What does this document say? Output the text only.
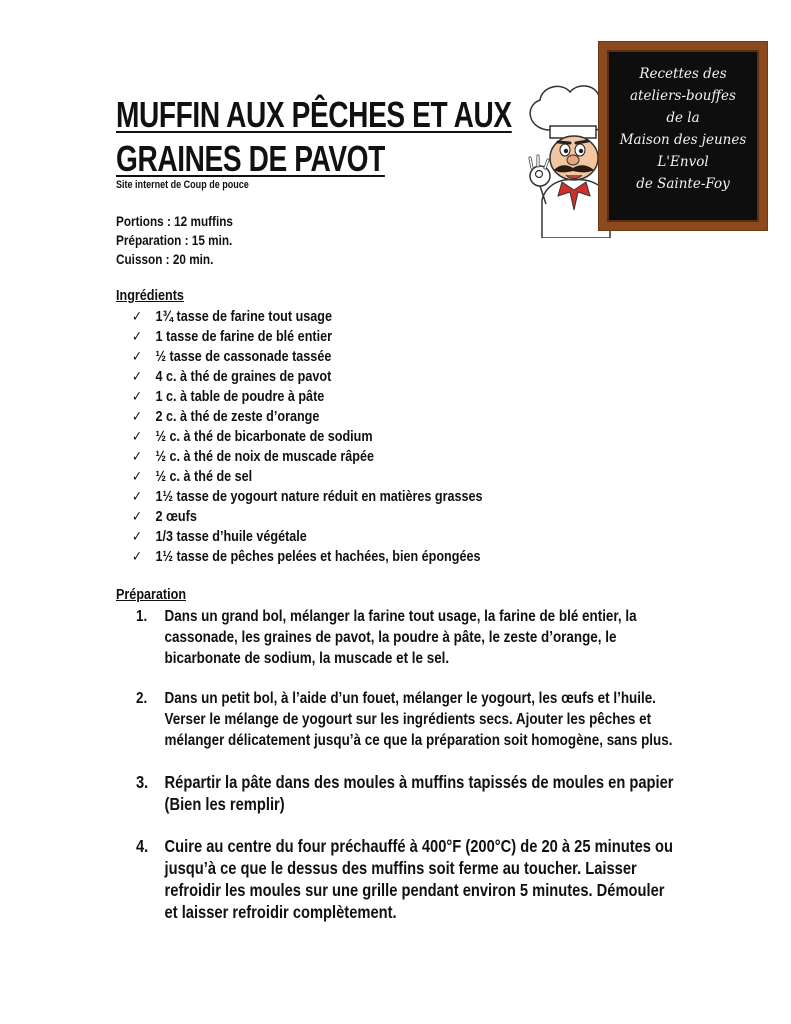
MUFFIN AUX PÊCHES ET AUX
GRAINES DE PAVOT
Site internet de Coup de pouce
Portions : 12 muffins
Préparation : 15 min.
Cuisson : 20 min.
Recettes des
ateliers-bouffes
de la
Maison des jeunes
L'Envol
de Sainte-Foy
Ingrédients
✓ 1¾ tasse de farine tout usage
✓ 1 tasse de farine de blé entier
✓ ½ tasse de cassonade tassée
✓ 4 c. à thé de graines de pavot
✓ 1 c. à table de poudre à pâte
✓ 2 c. à thé de zeste d’orange
✓ ½ c. à thé de bicarbonate de sodium
✓ ½ c. à thé de noix de muscade râpée
✓ ½ c. à thé de sel
✓ 1½ tasse de yogourt nature réduit en matières grasses
✓ 2 œufs
✓ 1/3 tasse d’huile végétale
✓ 1½ tasse de pêches pelées et hachées, bien épongées
Préparation
1. Dans un grand bol, mélanger la farine tout usage, la farine de blé entier, la cassonade, les graines de pavot, la poudre à pâte, le zeste d’orange, le bicarbonate de sodium, la muscade et le sel.
2. Dans un petit bol, à l’aide d’un fouet, mélanger le yogourt, les œufs et l’huile. Verser le mélange de yogourt sur les ingrédients secs. Ajouter les pêches et mélanger délicatement jusqu’à ce que la préparation soit homogène, sans plus.
3. Répartir la pâte dans des moules à muffins tapissés de moules en papier (Bien les remplir)
4. Cuire au centre du four préchauffé à 400°F (200°C) de 20 à 25 minutes ou jusqu’à ce que le dessus des muffins soit ferme au toucher. Laisser refroidir les moules sur une grille pendant environ 5 minutes. Démouler et laisser refroidir complètement.
